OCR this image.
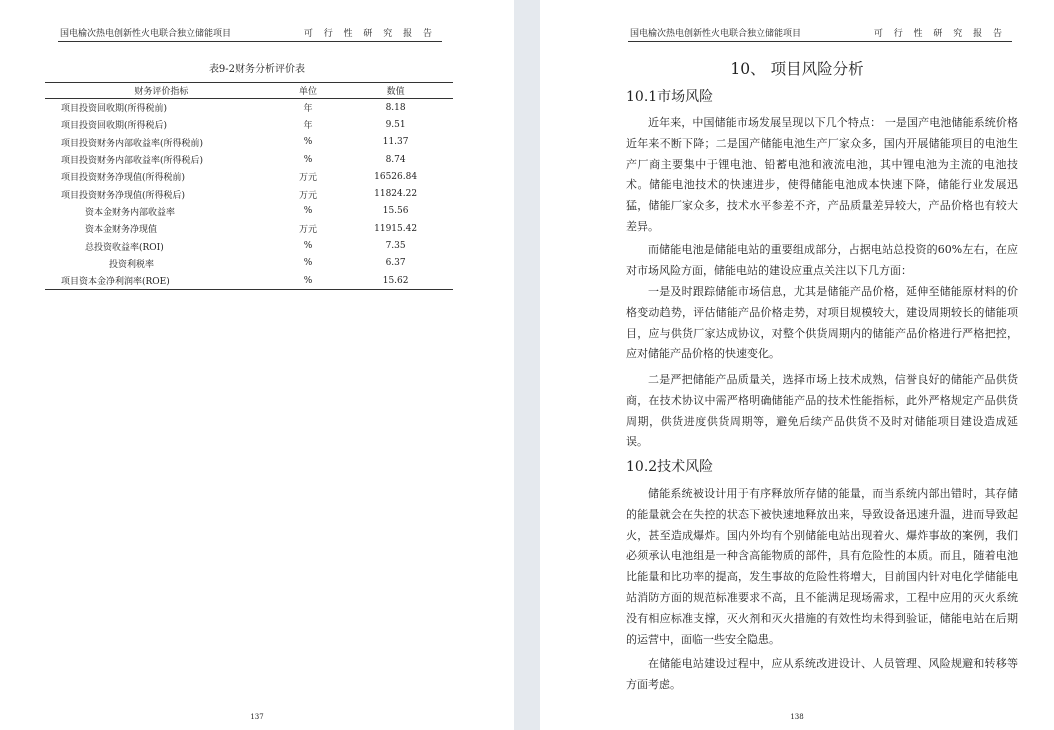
国电榆次热电创新性火电联合独立储能项目	可 行 性 研 究 报 告
表9-2财务分析评价表
财务评价指标	单位	数值
项目投资回收期(所得税前)	年	8.18
项目投资回收期(所得税后)	年	9.51
项目投资财务内部收益率(所得税前)	%	11.37
项目投资财务内部收益率(所得税后)	%	8.74
项目投资财务净现值(所得税前)	万元	16526.84
项目投资财务净现值(所得税后)	万元	11824.22
资本金财务内部收益率	%	15.56
资本金财务净现值	万元	11915.42
总投资收益率(ROI)	%	7.35
投资利税率	%	6.37
项目资本金净利润率(ROE)	%	15.62
137
国电榆次热电创新性火电联合独立储能项目	可 行 性 研 究 报 告
10、 项目风险分析
10.1市场风险

近年来，中国储能市场发展呈现以下几个特点： 一是国产电池储能系统价格近年来不断下降；二是国产储能电池生产厂家众多，国内开展储能项目的电池生产厂商主要集中于锂电池、铅蓄电池和液流电池，其中锂电池为主流的电池技术。储能电池技术的快速进步，使得储能电池成本快速下降，储能行业发展迅猛，储能厂家众多，技术水平参差不齐，产品质量差异较大，产品价格也有较大差异。

而储能电池是储能电站的重要组成部分，占据电站总投资的60%左右，在应对市场风险方面，储能电站的建设应重点关注以下几方面：

一是及时跟踪储能市场信息，尤其是储能产品价格，延伸至储能原材料的价格变动趋势，评估储能产品价格走势，对项目规模较大，建设周期较长的储能项目，应与供货厂家达成协议，对整个供货周期内的储能产品价格进行严格把控，应对储能产品价格的快速变化。

二是严把储能产品质量关，选择市场上技术成熟，信誉良好的储能产品供货商，在技术协议中需严格明确储能产品的技术性能指标，此外严格规定产品供货周期，供货进度供货周期等，避免后续产品供货不及时对储能项目建设造成延误。

10.2技术风险

储能系统被设计用于有序释放所存储的能量，而当系统内部出错时，其存储的能量就会在失控的状态下被快速地释放出来，导致设备迅速升温，进而导致起火，甚至造成爆炸。国内外均有个别储能电站出现着火、爆炸事故的案例，我们必须承认电池组是一种含高能物质的部件，具有危险性的本质。而且，随着电池比能量和比功率的提高，发生事故的危险性将增大，目前国内针对电化学储能电站消防方面的规范标准要求不高，且不能满足现场需求，工程中应用的灭火系统没有相应标准支撑，灭火剂和灭火措施的有效性均未得到验证，储能电站在后期的运营中，面临一些安全隐患。

在储能电站建设过程中，应从系统改进设计、人员管理、风险规避和转移等方面考虑。

138
